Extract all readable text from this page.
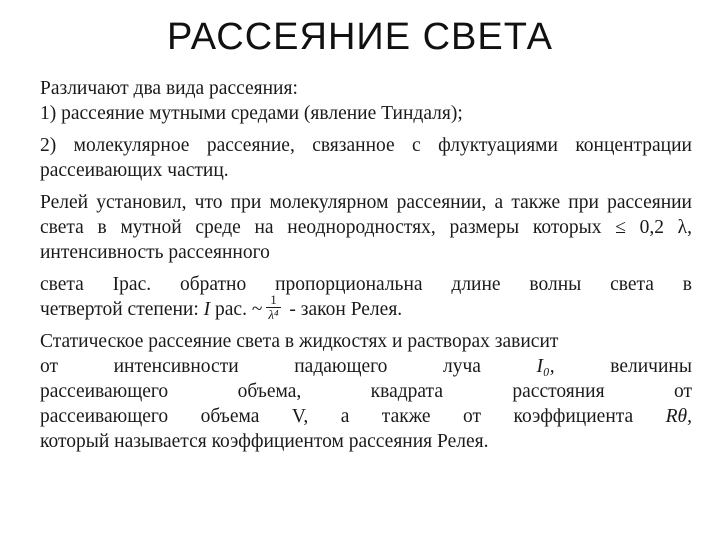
РАССЕЯНИЕ СВЕТА

Различают два вида рассеяния:

1) рассеяние мутными средами (явление Тиндаля);

2) молекулярное рассеяние, связанное с флуктуациями концентрации рассеивающих частиц.

Релей установил, что при молекулярном рассеянии, а также при рассеянии света в мутной среде на неоднородностях, размеры которых ≤ 0,2 λ, интенсивность рассеянного

света Iрас. обратно пропорциональна длине волны света в

четвертой степени: I рас. ~ $\frac{1}{\text{λ⁴}}$ - закон Релея.

Статическое рассеяние света в жидкостях и растворах зависит

от	интенсивности	падающего	луча	I₀,	величины

рассеивающего объема, квадрата расстояния от

рассеивающего объема V, а также от коэффициента Rθ,

который называется коэффициентом рассеяния Релея.
